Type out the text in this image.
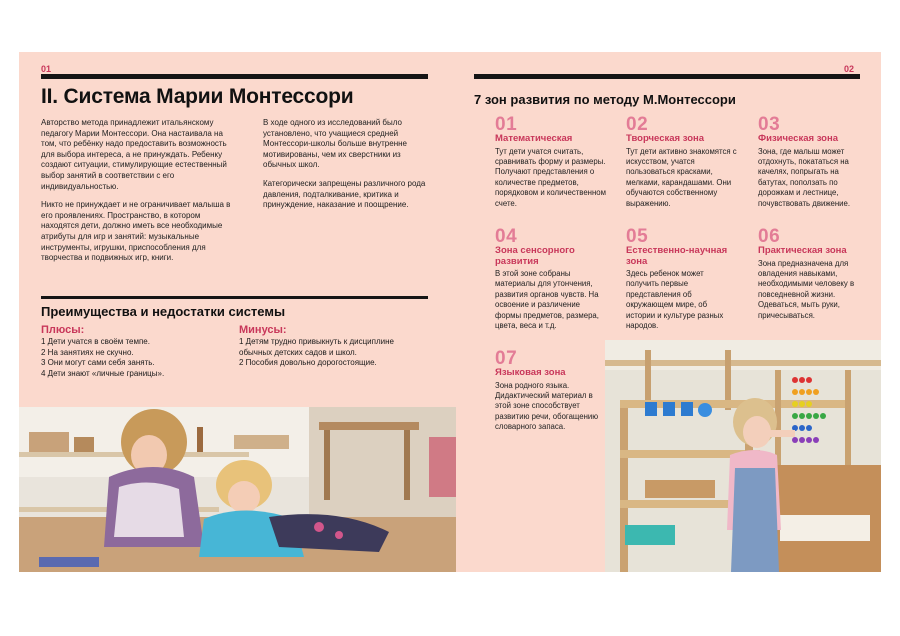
01
II. Система Марии Монтессори

Авторство метода принадлежит итальянскому педагогу Марии Монтессори. Она настаивала на том, что ребёнку надо предоставить возможность для выбора интереса, а не принуждать. Ребенку создают ситуации, стимулирующие естественный выбор занятий в соответствии с его индивидуальностью.

Никто не принуждает и не ограничивает малыша в его проявлениях. Пространство, в котором находятся дети, должно иметь все необходимые атрибуты для игр и занятий: музыкальные инструменты, игрушки, приспособления для творчества и подвижных игр, книги.

В ходе одного из исследований было установлено, что учащиеся средней Монтессори-школы больше внутренне мотивированы, чем их сверстники из обычных школ.

Категорически запрещены различного рода давления, подталкивание, критика и принуждение, наказание и поощрение.

Преимущества и недостатки системы
Плюсы:
1 Дети учатся в своём темпе.
2 На занятиях не скучно.
3 Они могут сами себя занять.
4 Дети знают «личные границы».
Минусы:
1 Детям трудно привыкнуть к дисциплине обычных детских садов и школ.
2 Пособия довольно дорогостоящие.
02
7 зон развития по методу М.Монтессори
01
Математическая

Тут дети учатся считать, сравнивать форму и размеры. Получают представления о количестве предметов, порядковом и количественном счете.

02
Творческая зона

Тут дети активно знакомятся с искусством, учатся пользоваться красками, мелками, карандашами. Они обучаются собственному выражению.

03
Физическая зона

Зона, где малыш может отдохнуть, покататься на качелях, попрыгать на батутах, поползать по дорожкам и лестнице, почувствовать движение.

04
Зона сенсорного развития

В этой зоне собраны материалы для утончения, развития органов чувств. На освоение и различение формы предметов, размера, цвета, веса и т.д.

05
Естественно-научная зона

Здесь ребенок может получить первые представления об окружающем мире, об истории и культуре разных народов.

06
Практическая зона

Зона предназначена для овладения навыками, необходимыми человеку в повседневной жизни. Одеваться, мыть руки, причесываться.

07
Языковая зона

Зона родного языка. Дидактический материал в этой зоне способствует развитию речи, обогащению словарного запаса.
